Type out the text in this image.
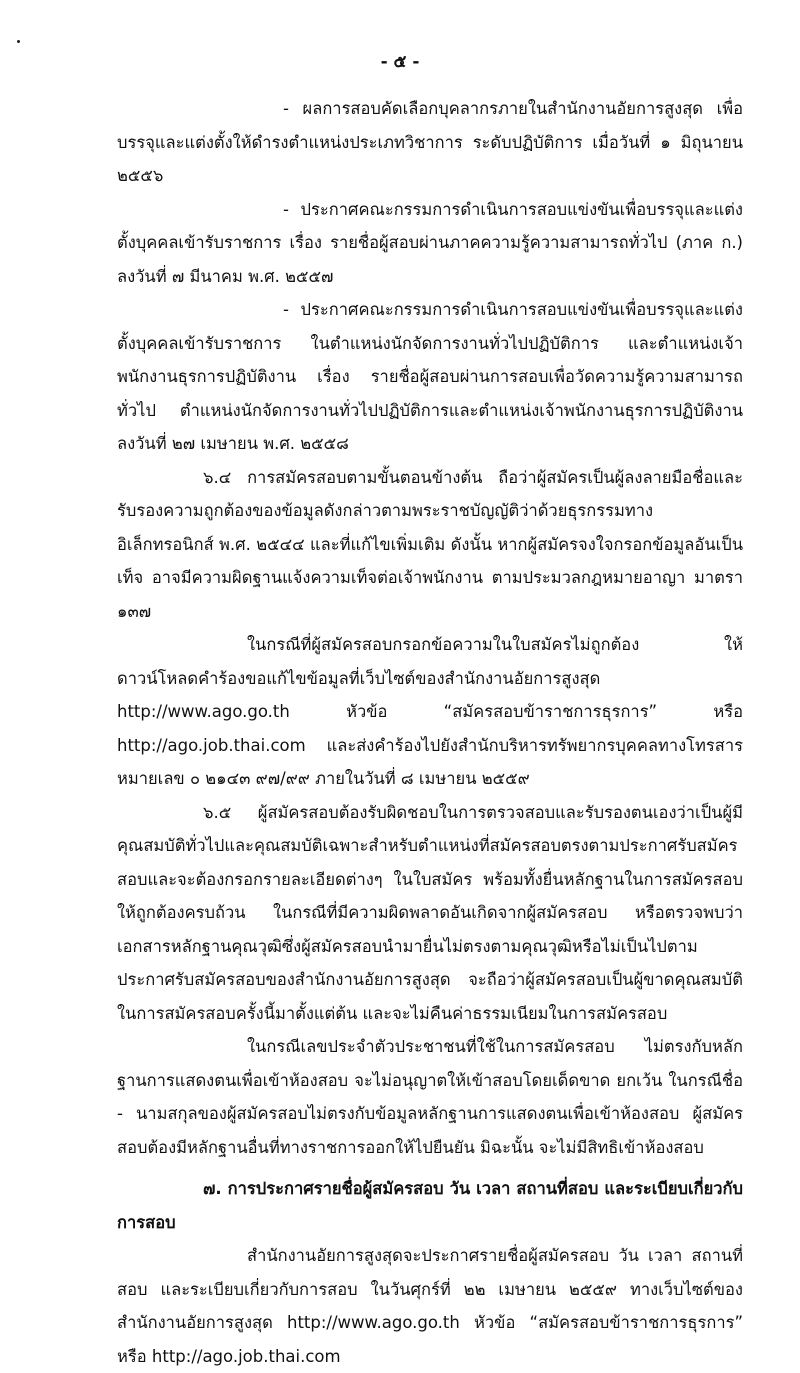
- ๕ -

- ผลการสอบคัดเลือกบุคลากรภายในสำนักงานอัยการสูงสุด เพื่อบรรจุและแต่งตั้งให้ดำรงตำแหน่งประเภทวิชาการ ระดับปฏิบัติการ เมื่อวันที่ ๑ มิถุนายน ๒๕๕๖

- ประกาศคณะกรรมการดำเนินการสอบแข่งขันเพื่อบรรจุและแต่งตั้งบุคคลเข้ารับราชการ เรื่อง รายชื่อผู้สอบผ่านภาคความรู้ความสามารถทั่วไป (ภาค ก.) ลงวันที่ ๗ มีนาคม พ.ศ. ๒๕๕๗

- ประกาศคณะกรรมการดำเนินการสอบแข่งขันเพื่อบรรจุและแต่งตั้งบุคคลเข้ารับราชการ ในตำแหน่งนักจัดการงานทั่วไปปฏิบัติการ และตำแหน่งเจ้าพนักงานธุรการปฏิบัติงาน เรื่อง รายชื่อผู้สอบผ่านการสอบเพื่อวัดความรู้ความสามารถทั่วไป ตำแหน่งนักจัดการงานทั่วไปปฏิบัติการและตำแหน่งเจ้าพนักงานธุรการปฏิบัติงาน ลงวันที่ ๒๗ เมษายน พ.ศ. ๒๕๕๘

๖.๔ การสมัครสอบตามขั้นตอนข้างต้น ถือว่าผู้สมัครเป็นผู้ลงลายมือชื่อและรับรองความถูกต้องของข้อมูลดังกล่าวตามพระราชบัญญัติว่าด้วยธุรกรรมทางอิเล็กทรอนิกส์ พ.ศ. ๒๕๔๔ และที่แก้ไขเพิ่มเติม ดังนั้น หากผู้สมัครจงใจกรอกข้อมูลอันเป็นเท็จ อาจมีความผิดฐานแจ้งความเท็จต่อเจ้าพนักงาน ตามประมวลกฎหมายอาญา มาตรา ๑๓๗

ในกรณีที่ผู้สมัครสอบกรอกข้อความในใบสมัครไม่ถูกต้อง ให้ดาวน์โหลดคำร้องขอแก้ไขข้อมูลที่เว็บไซต์ของสำนักงานอัยการสูงสุด http://www.ago.go.th หัวข้อ “สมัครสอบข้าราชการธุรการ” หรือ http://ago.job.thai.com และส่งคำร้องไปยังสำนักบริหารทรัพยากรบุคคลทางโทรสารหมายเลข ๐ ๒๑๔๓ ๙๗/๙๙ ภายในวันที่ ๘ เมษายน ๒๕๕๙

๖.๕ ผู้สมัครสอบต้องรับผิดชอบในการตรวจสอบและรับรองตนเองว่าเป็นผู้มีคุณสมบัติทั่วไปและคุณสมบัติเฉพาะสำหรับตำแหน่งที่สมัครสอบตรงตามประกาศรับสมัครสอบและจะต้องกรอกรายละเอียดต่างๆ ในใบสมัคร พร้อมทั้งยื่นหลักฐานในการสมัครสอบให้ถูกต้องครบถ้วน ในกรณีที่มีความผิดพลาดอันเกิดจากผู้สมัครสอบ หรือตรวจพบว่าเอกสารหลักฐานคุณวุฒิซึ่งผู้สมัครสอบนำมายื่นไม่ตรงตามคุณวุฒิหรือไม่เป็นไปตามประกาศรับสมัครสอบของสำนักงานอัยการสูงสุด จะถือว่าผู้สมัครสอบเป็นผู้ขาดคุณสมบัติในการสมัครสอบครั้งนี้มาตั้งแต่ต้น และจะไม่คืนค่าธรรมเนียมในการสมัครสอบ

ในกรณีเลขประจำตัวประชาชนที่ใช้ในการสมัครสอบ ไม่ตรงกับหลักฐานการแสดงตนเพื่อเข้าห้องสอบ จะไม่อนุญาตให้เข้าสอบโดยเด็ดขาด ยกเว้น ในกรณีชื่อ - นามสกุลของผู้สมัครสอบไม่ตรงกับข้อมูลหลักฐานการแสดงตนเพื่อเข้าห้องสอบ ผู้สมัครสอบต้องมีหลักฐานอื่นที่ทางราชการออกให้ไปยืนยัน มิฉะนั้น จะไม่มีสิทธิเข้าห้องสอบ

๗. การประกาศรายชื่อผู้สมัครสอบ วัน เวลา สถานที่สอบ และระเบียบเกี่ยวกับการสอบ

สำนักงานอัยการสูงสุดจะประกาศรายชื่อผู้สมัครสอบ วัน เวลา สถานที่สอบ และระเบียบเกี่ยวกับการสอบ ในวันศุกร์ที่ ๒๒ เมษายน ๒๕๕๙ ทางเว็บไซต์ของสำนักงานอัยการสูงสุด http://www.ago.go.th หัวข้อ “สมัครสอบข้าราชการธุรการ” หรือ http://ago.job.thai.com
